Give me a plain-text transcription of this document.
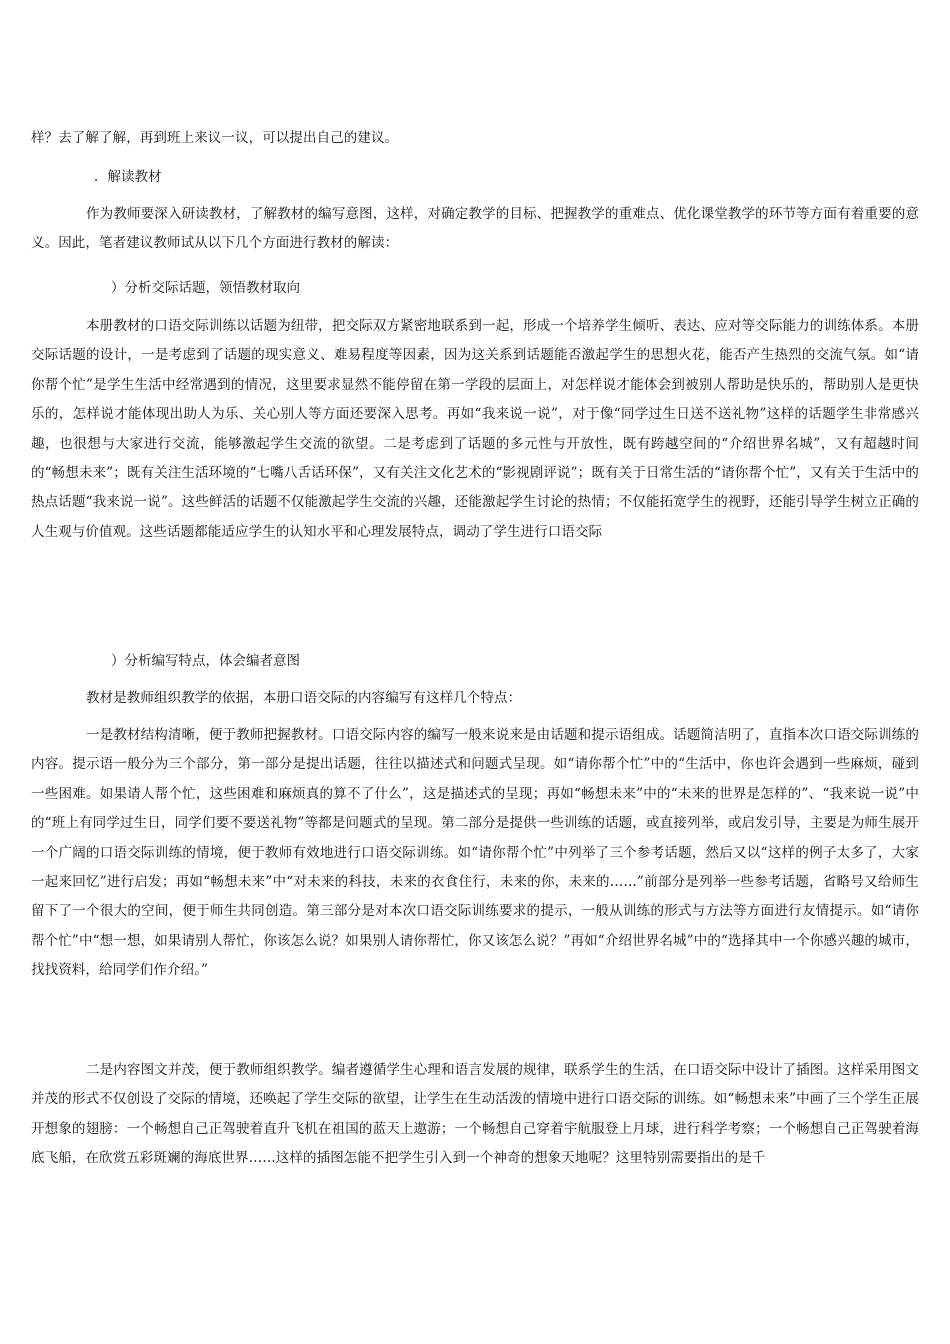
样？去了解了解，再到班上来议一议，可以提出自己的建议。

．解读教材

作为教师要深入研读教材，了解教材的编写意图，这样，对确定教学的目标、把握教学的重难点、优化课堂教学的环节等方面有着重要的意义。因此，笔者建议教师试从以下几个方面进行教材的解读：

）分析交际话题，领悟教材取向

本册教材的口语交际训练以话题为纽带，把交际双方紧密地联系到一起，形成一个培养学生倾听、表达、应对等交际能力的训练体系。本册交际话题的设计，一是考虑到了话题的现实意义、难易程度等因素，因为这关系到话题能否激起学生的思想火花，能否产生热烈的交流气氛。如“请你帮个忙”是学生生活中经常遇到的情况，这里要求显然不能停留在第一学段的层面上，对怎样说才能体会到被别人帮助是快乐的，帮助别人是更快乐的，怎样说才能体现出助人为乐、关心别人等方面还要深入思考。再如“我来说一说”，对于像“同学过生日送不送礼物”这样的话题学生非常感兴趣，也很想与大家进行交流，能够激起学生交流的欲望。二是考虑到了话题的多元性与开放性，既有跨越空间的“介绍世界名城”，又有超越时间的“畅想未来”；既有关注生活环境的“七嘴八舌话环保”，又有关注文化艺术的“影视剧评说”；既有关于日常生活的“请你帮个忙”，又有关于生活中的热点话题“我来说一说”。这些鲜活的话题不仅能激起学生交流的兴趣，还能激起学生讨论的热情；不仅能拓宽学生的视野，还能引导学生树立正确的人生观与价值观。这些话题都能适应学生的认知水平和心理发展特点，调动了学生进行口语交际

）分析编写特点，体会编者意图

教材是教师组织教学的依据，本册口语交际的内容编写有这样几个特点：

一是教材结构清晰，便于教师把握教材。口语交际内容的编写一般来说来是由话题和提示语组成。话题简洁明了，直指本次口语交际训练的内容。提示语一般分为三个部分，第一部分是提出话题，往往以描述式和问题式呈现。如“请你帮个忙”中的“生活中，你也许会遇到一些麻烦，碰到一些困难。如果请人帮个忙，这些困难和麻烦真的算不了什么”，这是描述式的呈现；再如“畅想未来”中的“未来的世界是怎样的”、“我来说一说”中的“班上有同学过生日，同学们要不要送礼物”等都是问题式的呈现。第二部分是提供一些训练的话题，或直接列举，或启发引导，主要是为师生展开一个广阔的口语交际训练的情境，便于教师有效地进行口语交际训练。如“请你帮个忙”中列举了三个参考话题，然后又以“这样的例子太多了，大家一起来回忆”进行启发；再如“畅想未来”中“对未来的科技，未来的衣食住行，未来的你，未来的……”前部分是列举一些参考话题，省略号又给师生留下了一个很大的空间，便于师生共同创造。第三部分是对本次口语交际训练要求的提示，一般从训练的形式与方法等方面进行友情提示。如“请你帮个忙”中“想一想，如果请别人帮忙，你该怎么说？如果别人请你帮忙，你又该怎么说？”再如“介绍世界名城”中的“选择其中一个你感兴趣的城市，找找资料，给同学们作介绍。”

二是内容图文并茂，便于教师组织教学。编者遵循学生心理和语言发展的规律，联系学生的生活，在口语交际中设计了插图。这样采用图文并茂的形式不仅创设了交际的情境，还唤起了学生交际的欲望，让学生在生动活泼的情境中进行口语交际的训练。如“畅想未来”中画了三个学生正展开想象的翅膀：一个畅想自己正驾驶着直升飞机在祖国的蓝天上遨游；一个畅想自己穿着宇航服登上月球，进行科学考察；一个畅想自己正驾驶着海底飞船，在欣赏五彩斑斓的海底世界……这样的插图怎能不把学生引入到一个神奇的想象天地呢？这里特别需要指出的是千
